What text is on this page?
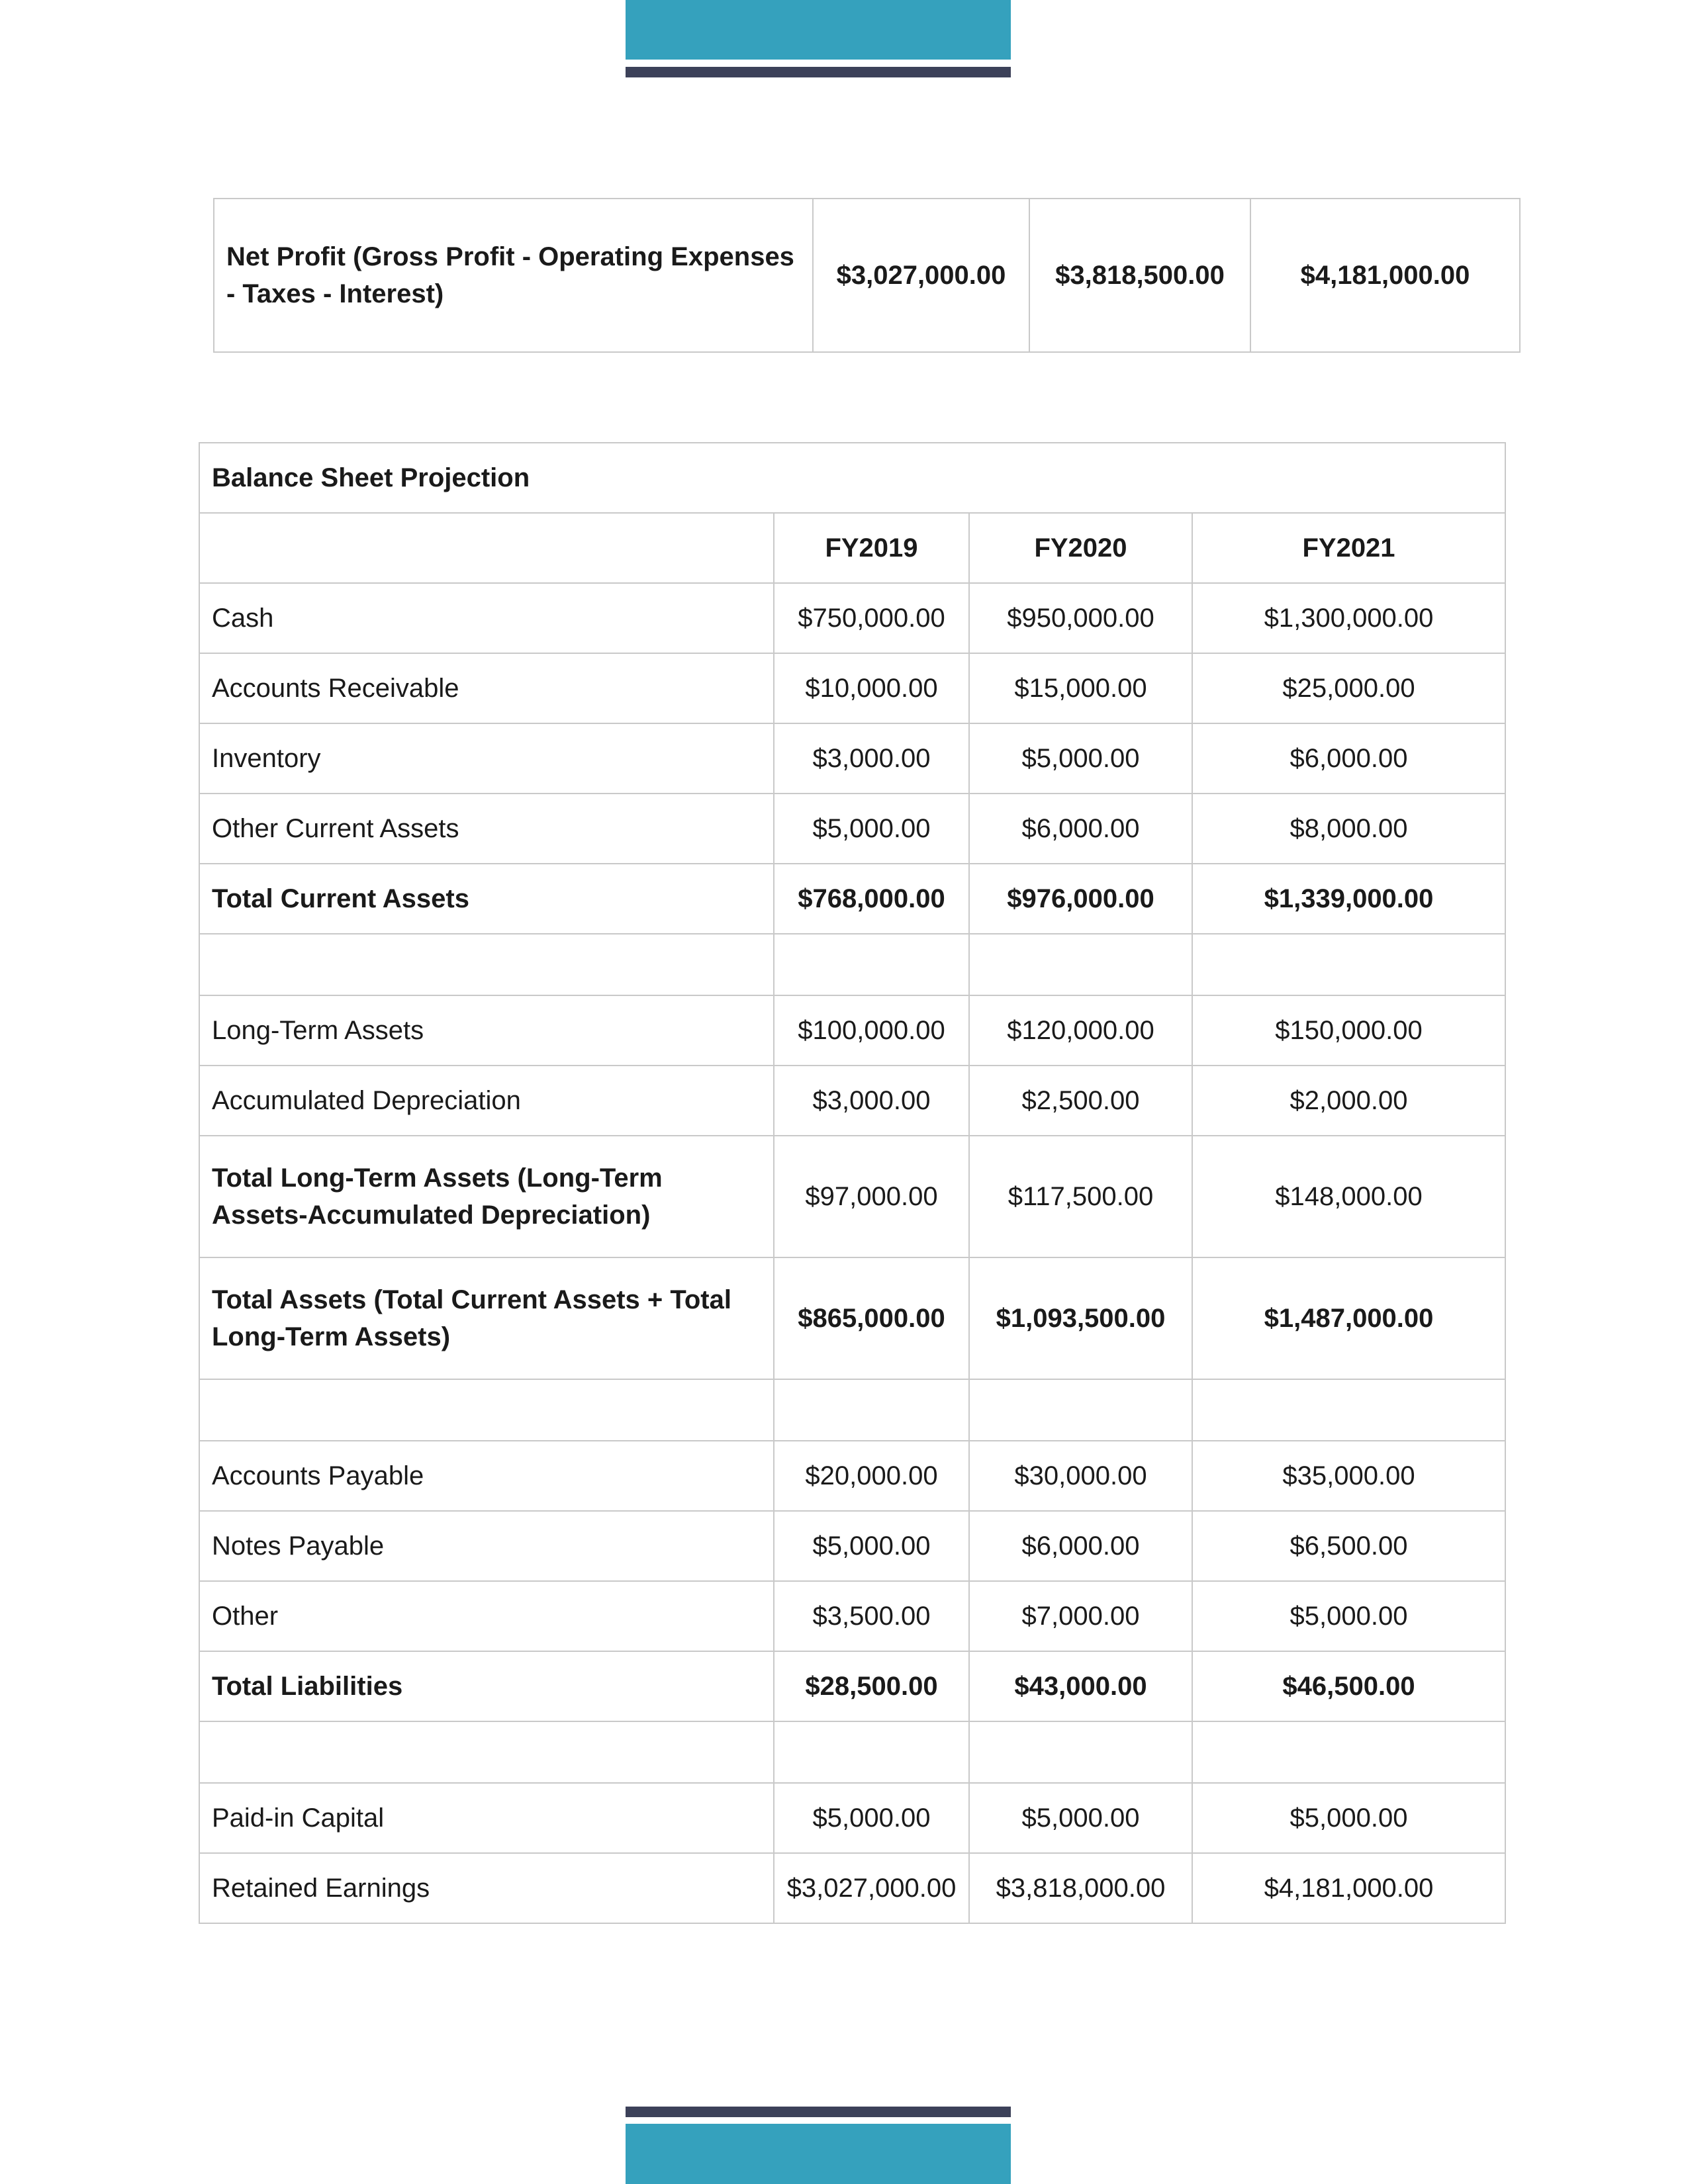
Net Profit (Gross Profit - Operating Expenses - Taxes - Interest)	$3,027,000.00	$3,818,500.00	$4,181,000.00
Balance Sheet Projection			
	FY2019	FY2020	FY2021
Cash	$750,000.00	$950,000.00	$1,300,000.00
Accounts Receivable	$10,000.00	$15,000.00	$25,000.00
Inventory	$3,000.00	$5,000.00	$6,000.00
Other Current Assets	$5,000.00	$6,000.00	$8,000.00
Total Current Assets	$768,000.00	$976,000.00	$1,339,000.00

Long-Term Assets	$100,000.00	$120,000.00	$150,000.00
Accumulated Depreciation	$3,000.00	$2,500.00	$2,000.00
Total Long-Term Assets (Long-Term Assets-Accumulated Depreciation)	$97,000.00	$117,500.00	$148,000.00
Total Assets (Total Current Assets + Total Long-Term Assets)	$865,000.00	$1,093,500.00	$1,487,000.00

Accounts Payable	$20,000.00	$30,000.00	$35,000.00
Notes Payable	$5,000.00	$6,000.00	$6,500.00
Other	$3,500.00	$7,000.00	$5,000.00
Total Liabilities	$28,500.00	$43,000.00	$46,500.00

Paid-in Capital	$5,000.00	$5,000.00	$5,000.00
Retained Earnings	$3,027,000.00	$3,818,000.00	$4,181,000.00
